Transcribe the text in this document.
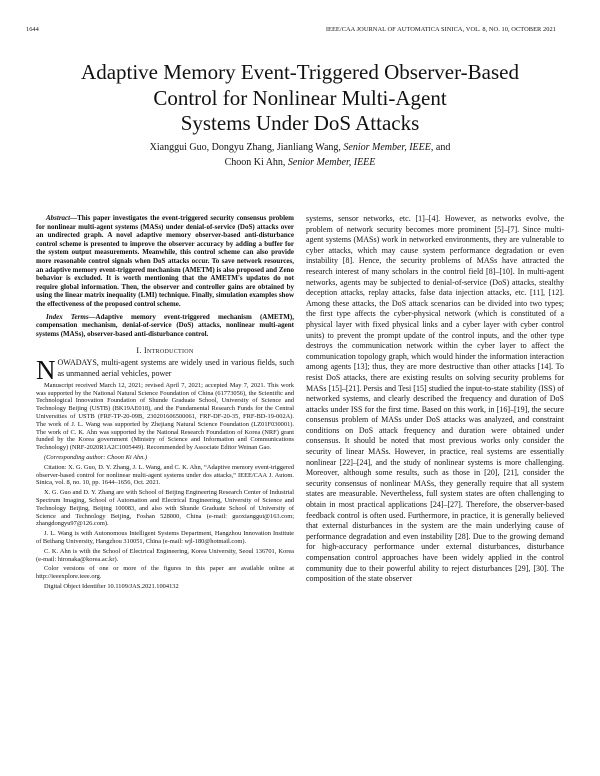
1644	IEEE/CAA JOURNAL OF AUTOMATICA SINICA, VOL. 8, NO. 10, OCTOBER 2021
Adaptive Memory Event-Triggered Observer-Based
Control for Nonlinear Multi-Agent
Systems Under DoS Attacks
Xianggui Guo, Dongyu Zhang, Jianliang Wang, Senior Member, IEEE, and
Choon Ki Ahn, Senior Member, IEEE

Abstract—This paper investigates the event-triggered security consensus problem for nonlinear multi-agent systems (MASs) under denial-of-service (DoS) attacks over an undirected graph. A novel adaptive memory observer-based anti-disturbance control scheme is presented to improve the observer accuracy by adding a buffer for the system output measurements. Meanwhile, this control scheme can also provide more reasonable control signals when DoS attacks occur. To save network resources, an adaptive memory event-triggered mechanism (AMETM) is also proposed and Zeno behavior is excluded. It is worth mentioning that the AMETM's updates do not require global information. Then, the observer and controller gains are obtained by using the linear matrix inequality (LMI) technique. Finally, simulation examples show the effectiveness of the proposed control scheme.

Index Terms—Adaptive memory event-triggered mechanism (AMETM), compensation mechanism, denial-of-service (DoS) attacks, nonlinear multi-agent systems (MASs), observer-based anti-disturbance control.

I. Introduction

NOWADAYS, multi-agent systems are widely used in various fields, such as unmanned aerial vehicles, power

Manuscript received March 12, 2021; revised April 7, 2021; accepted May 7, 2021. This work was supported by the National Natural Science Foundation of China (61773056), the Scientific and Technological Innovation Foundation of Shunde Graduate School, University of Science and Technology Beijing (USTB) (BK19AE018), and the Fundamental Research Funds for the Central Universities of USTB (FRF-TP-20-09B, 230201606500061, FRF-DF-20-35, FRF-BD-19-002A). The work of J. L. Wang was supported by Zhejiang Natural Science Foundation (LZ01F030001). The work of C. K. Ahn was supported by the National Research Foundation of Korea (NRF) grant funded by the Korea government (Ministry of Science and Information and Communications Technology) (NRF-2020R1A2C1005449). Recommended by Associate Editor Weinan Gao.

(Corresponding author: Choon Ki Ahn.)

Citation: X. G. Guo, D. Y. Zhang, J. L. Wang, and C. K. Ahn, “Adaptive memory event-triggered observer-based control for nonlinear multi-agent systems under dos attacks,” IEEE/CAA J. Autom. Sinica, vol. 8, no. 10, pp. 1644–1656, Oct. 2021.

X. G. Guo and D. Y. Zhang are with School of Beijing Engineering Research Center of Industrial Spectrum Imaging, School of Automation and Electrical Engineering, University of Science and Technology Beijing, Beijing 100083, and also with Shunde Graduate School of University of Science and Technology Beijing, Foshan 528000, China (e-mail: guoxianggui@163.com; zhangdongyu97@126.com).

J. L. Wang is with Autonomous Intelligent Systems Department, Hangzhou Innovation Institute of Beihang University, Hangzhou 310051, China (e-mail: wjl-180@hotmail.com).

C. K. Ahn is with the School of Electrical Engineering, Korea University, Seoul 136701, Korea (e-mail: hironaka@korea.ac.kr).

Color versions of one or more of the figures in this paper are available online at http://ieeexplore.ieee.org.

Digital Object Identifier 10.1109/JAS.2021.1004132

systems, sensor networks, etc. [1]–[4]. However, as networks evolve, the problem of network security becomes more prominent [5]–[7]. Since multi-agent systems (MASs) work in networked environments, they are vulnerable to cyber attacks, which may cause system performance degradation or even instability [8]. Hence, the security problems of MASs have attracted the research interest of many scholars in the control field [8]–[10]. In multi-agent networks, agents may be subjected to denial-of-service (DoS) attacks, stealthy deception attacks, replay attacks, false data injection attacks, etc. [11], [12]. Among these attacks, the DoS attack scenarios can be divided into two types; the first type affects the cyber-physical network (which is constituted of a physical layer with fixed physical links and a cyber layer with cyber control units) to prevent the prompt update of the control inputs, and the other type destroys the communication network within the cyber layer to affect the communication topology graph, which would hinder the information interaction among agents [13]; thus, they are more destructive than other attacks [14]. To resist DoS attacks, there are existing results on solving security problems for MASs [15]–[21]. Persis and Tesi [15] studied the input-to-state stability (ISS) of networked systems, and clearly described the frequency and duration of DoS attacks under ISS for the first time. Based on this work, in [16]–[19], the secure consensus problem of MASs under DoS attacks was analyzed, and constraint conditions on DoS attack frequency and duration were obtained under consensus. It should be noted that most previous works only consider the security of linear MASs. However, in practice, real systems are essentially nonlinear [22]–[24], and the study of nonlinear systems is more challenging. Moreover, although some results, such as those in [20], [21], consider the security consensus of nonlinear MASs, they generally require that all system states are measurable. Nevertheless, full system states are often challenging to obtain in most practical applications [24]–[27]. Therefore, the observer-based feedback control is often used. Furthermore, in practice, it is generally believed that external disturbances in the system are the main underlying cause of performance degradation and even instability [28]. Due to the growing demand for high-accuracy performance under external disturbances, disturbance compensation control approaches have been widely applied in the control community due to their powerful ability to reject disturbances [29], [30]. The composition of the state observer
